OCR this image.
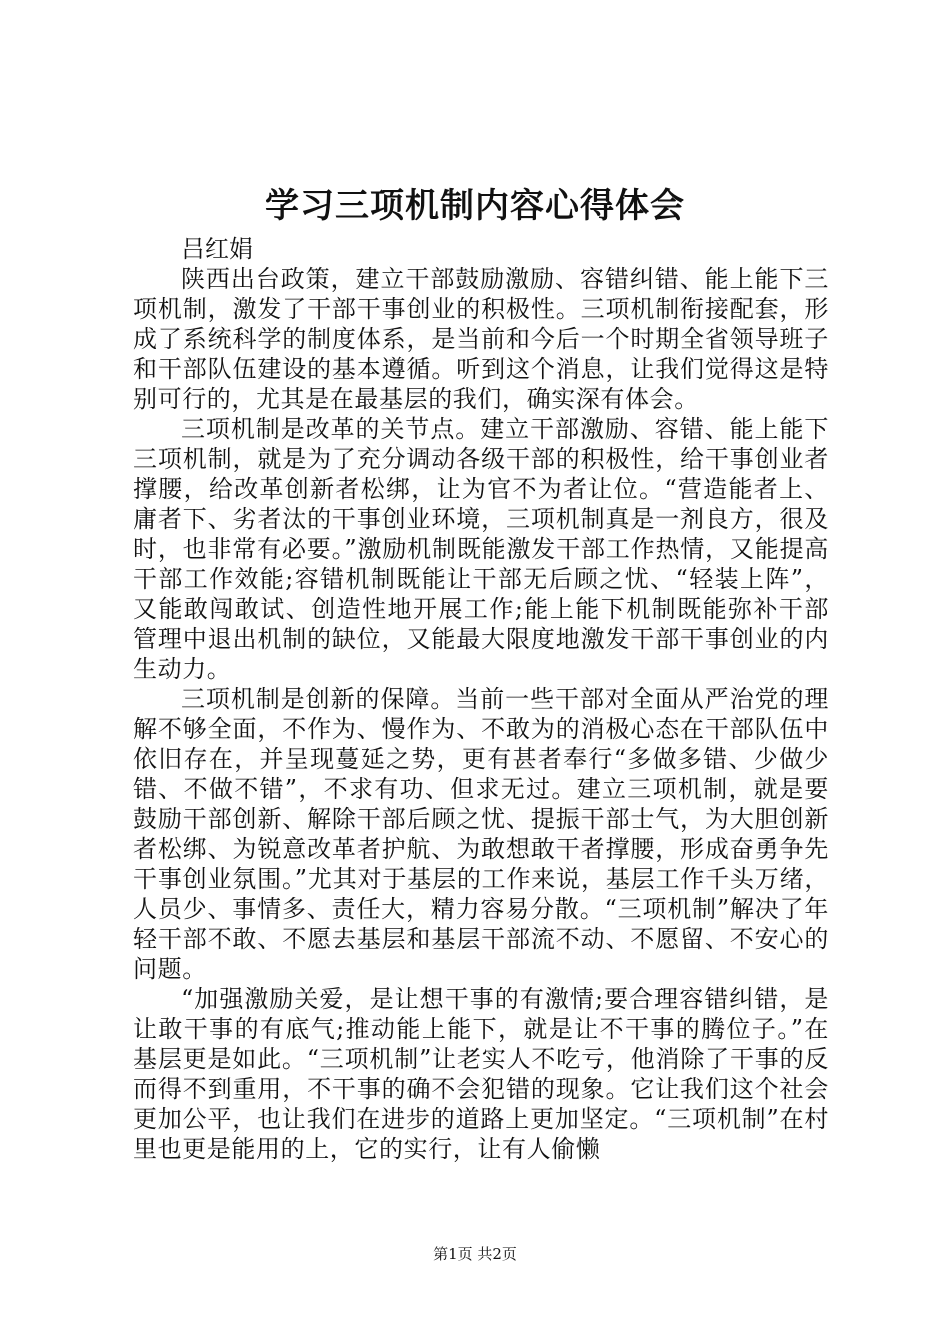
学习三项机制内容心得体会

吕红娟

陕西出台政策，建立干部鼓励激励、容错纠错、能上能下三项机制，激发了干部干事创业的积极性。三项机制衔接配套，形成了系统科学的制度体系，是当前和今后一个时期全省领导班子和干部队伍建设的基本遵循。听到这个消息，让我们觉得这是特别可行的，尤其是在最基层的我们，确实深有体会。

三项机制是改革的关节点。建立干部激励、容错、能上能下三项机制，就是为了充分调动各级干部的积极性，给干事创业者撑腰，给改革创新者松绑，让为官不为者让位。“营造能者上、庸者下、劣者汰的干事创业环境，三项机制真是一剂良方，很及时，也非常有必要。”激励机制既能激发干部工作热情，又能提高干部工作效能;容错机制既能让干部无后顾之忧、“轻装上阵”，又能敢闯敢试、创造性地开展工作;能上能下机制既能弥补干部管理中退出机制的缺位，又能最大限度地激发干部干事创业的内生动力。

三项机制是创新的保障。当前一些干部对全面从严治党的理解不够全面，不作为、慢作为、不敢为的消极心态在干部队伍中依旧存在，并呈现蔓延之势，更有甚者奉行“多做多错、少做少错、不做不错”，不求有功、但求无过。建立三项机制，就是要鼓励干部创新、解除干部后顾之忧、提振干部士气，为大胆创新者松绑、为锐意改革者护航、为敢想敢干者撑腰，形成奋勇争先干事创业氛围。”尤其对于基层的工作来说，基层工作千头万绪，人员少、事情多、责任大，精力容易分散。“三项机制”解决了年轻干部不敢、不愿去基层和基层干部流不动、不愿留、不安心的问题。

“加强激励关爱，是让想干事的有激情;要合理容错纠错，是让敢干事的有底气;推动能上能下，就是让不干事的腾位子。”在基层更是如此。“三项机制”让老实人不吃亏，他消除了干事的反而得不到重用，不干事的确不会犯错的现象。它让我们这个社会更加公平，也让我们在进步的道路上更加坚定。“三项机制”在村里也更是能用的上，它的实行，让有人偷懒

第1页 共2页
